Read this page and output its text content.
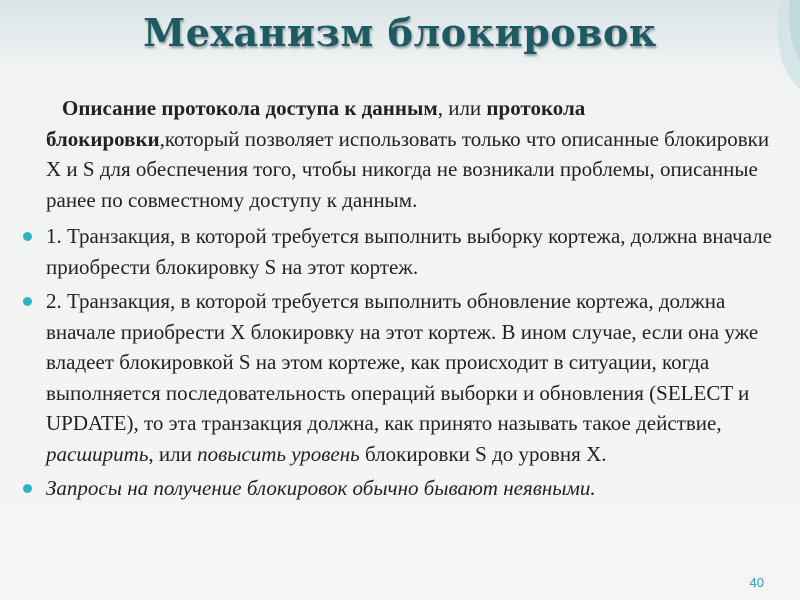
Механизм блокировок

Описание протокола доступа к данным, или протокола блокировки,который позволяет использовать только что описанные блокировки X и S для обеспечения того, чтобы никогда не возникали проблемы, описанные ранее по совместному доступу к данным.

1. Транзакция, в которой требуется выполнить выборку кортежа, должна вначале приобрести блокировку S на этот кортеж.

2. Транзакция, в которой требуется выполнить обновление кортежа, должна вначале приобрести X блокировку на этот кортеж. В ином случае, если она уже владеет блокировкой S на этом кортеже, как происходит в ситуации, когда выполняется последовательность операций выборки и обновления (SELECT и UPDATE), то эта транзакция должна, как принято называть такое действие, расширить, или повысить уровень блокировки S до уровня X.

Запросы на получение блокировок обычно бывают неявными.

40
